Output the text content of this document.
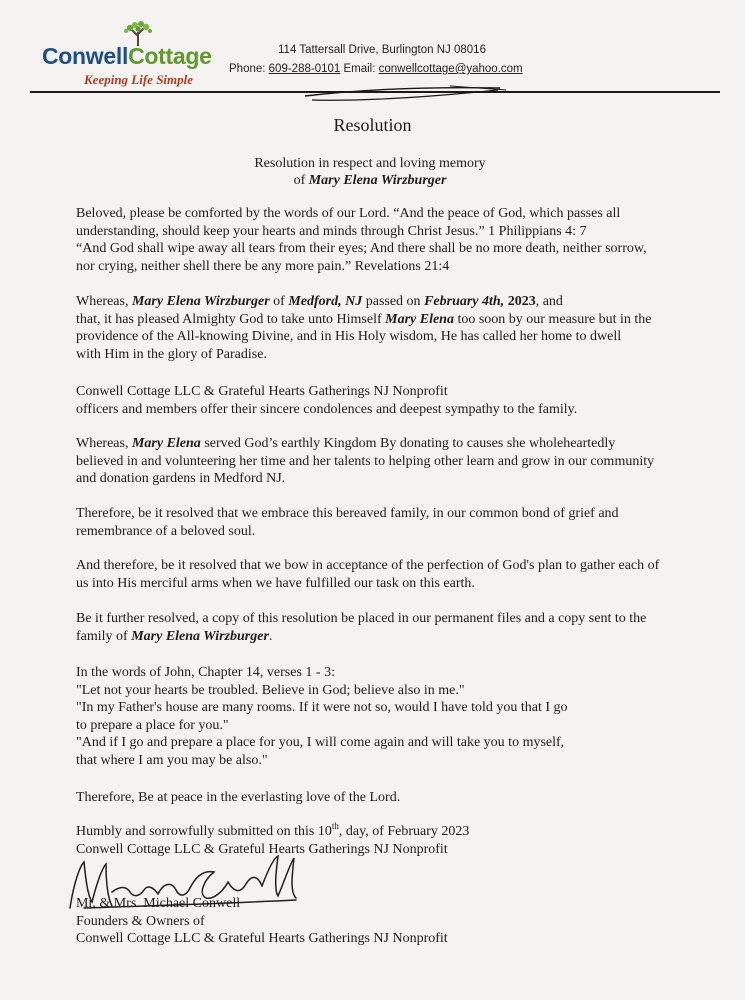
ConwellCottage
Keeping Life Simple
114 Tattersall Drive, Burlington NJ 08016
Phone: 609-288-0101 Email: conwellcottage@yahoo.com
Resolution
Resolution in respect and loving memory
of Mary Elena Wirzburger
Beloved, please be comforted by the words of our Lord. “And the peace of God, which passes all
understanding, should keep your hearts and minds through Christ Jesus.” 1 Philippians 4: 7
“And God shall wipe away all tears from their eyes; And there shall be no more death, neither sorrow,
nor crying, neither shell there be any more pain.” Revelations 21:4
Whereas, Mary Elena Wirzburger of Medford, NJ passed on February 4th, 2023, and
that, it has pleased Almighty God to take unto Himself Mary Elena too soon by our measure but in the
providence of the All-knowing Divine, and in His Holy wisdom, He has called her home to dwell
with Him in the glory of Paradise.
Conwell Cottage LLC & Grateful Hearts Gatherings NJ Nonprofit
officers and members offer their sincere condolences and deepest sympathy to the family.
Whereas, Mary Elena served God’s earthly Kingdom By donating to causes she wholeheartedly
believed in and volunteering her time and her talents to helping other learn and grow in our community
and donation gardens in Medford NJ.
Therefore, be it resolved that we embrace this bereaved family, in our common bond of grief and
remembrance of a beloved soul.
And therefore, be it resolved that we bow in acceptance of the perfection of God's plan to gather each of
us into His merciful arms when we have fulfilled our task on this earth.
Be it further resolved, a copy of this resolution be placed in our permanent files and a copy sent to the
family of Mary Elena Wirzburger.
In the words of John, Chapter 14, verses 1 - 3:
"Let not your hearts be troubled. Believe in God; believe also in me."
"In my Father's house are many rooms. If it were not so, would I have told you that I go
to prepare a place for you."
"And if I go and prepare a place for you, I will come again and will take you to myself,
that where I am you may be also."
Therefore, Be at peace in the everlasting love of the Lord.
Humbly and sorrowfully submitted on this 10th, day, of February 2023
Conwell Cottage LLC & Grateful Hearts Gatherings NJ Nonprofit
Mr. & Mrs. Michael Conwell
Founders & Owners of
Conwell Cottage LLC & Grateful Hearts Gatherings NJ Nonprofit
